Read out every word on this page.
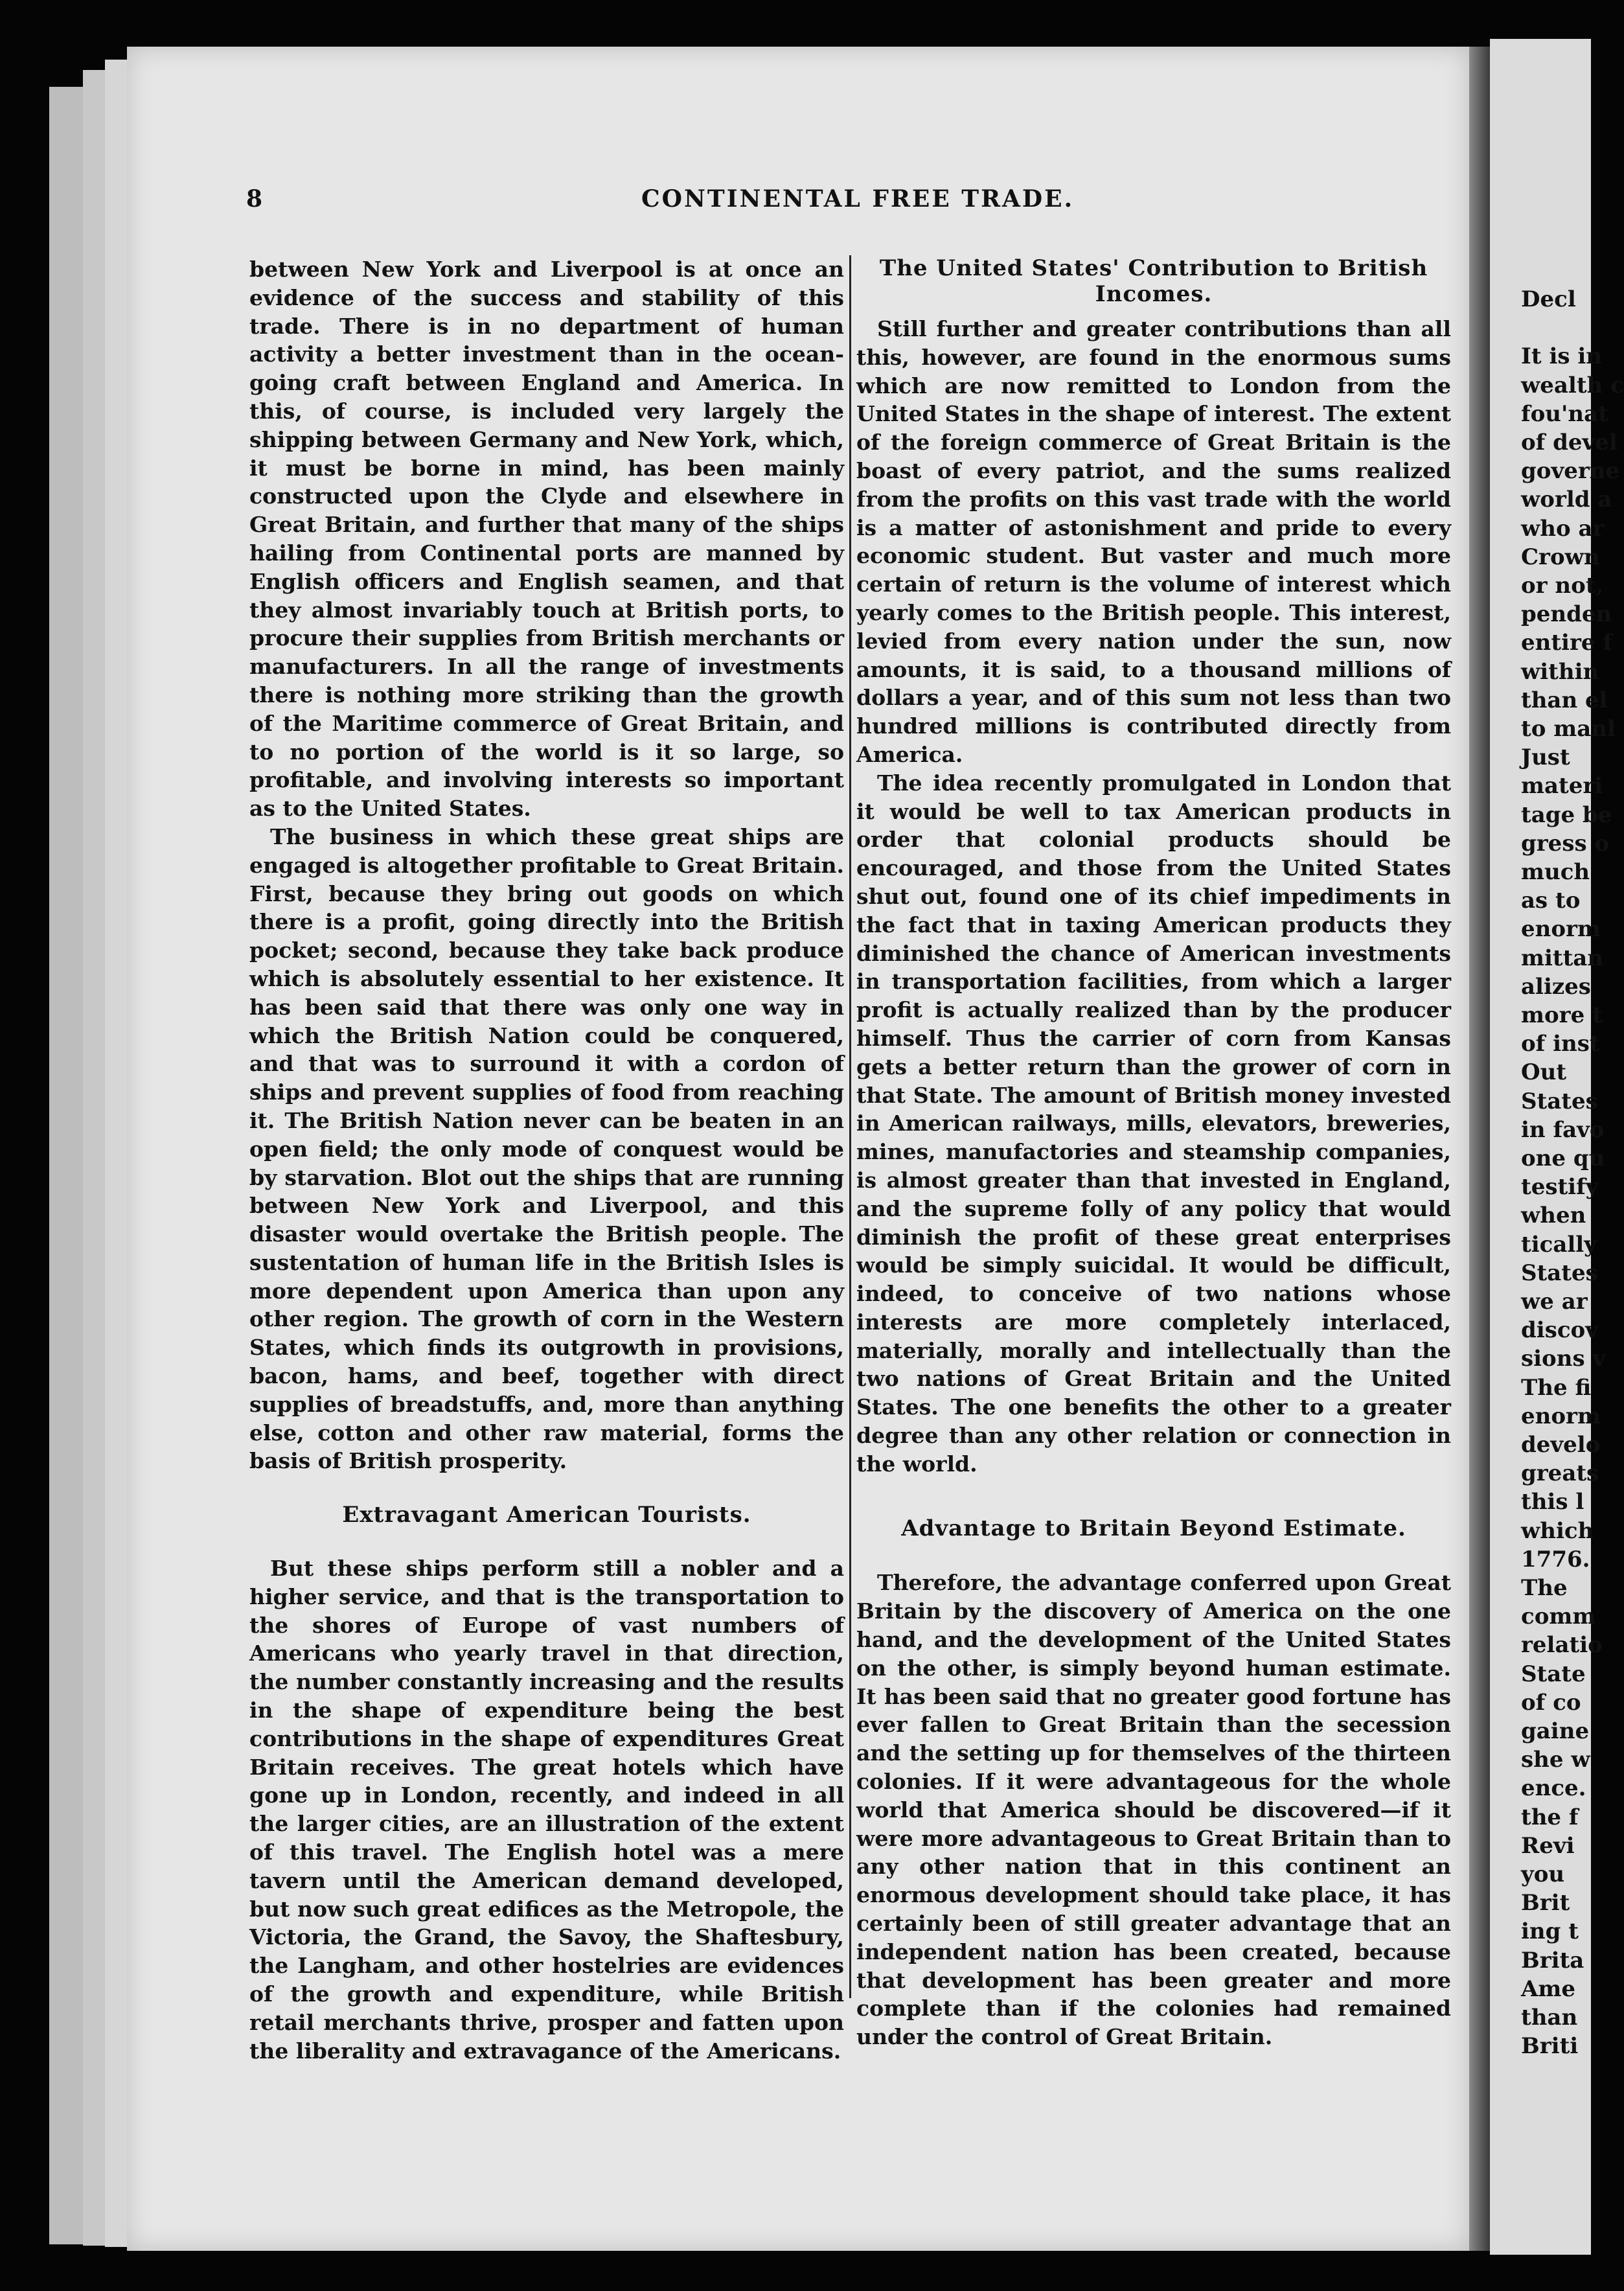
Decl
It is in
wealth c
fou'nat
of devel
governe
world a
who ar
Crown
or not,
penden
entire f
within
than el
to manl
Just
materi
tage be
gress o
much
as to
enorm
mittan
alizes
more t
of inst
Out
States
in favo
one qu
testify
when
tically
States
we ar
discov
sions v
The fi
enorm
develo
greats
this l
which
1776.
The
comm
relatio
State
of co
gaine
she w
ence.
the f
Revi
you
Brit
ing t
Brita
Ame
than
Briti
8	CONTINENTAL FREE TRADE.

between New York and Liverpool is at once an evidence of the success and stability of this trade. There is in no department of human activity a better investment than in the ocean-going craft between England and America. In this, of course, is included very largely the shipping between Germany and New York, which, it must be borne in mind, has been mainly constructed upon the Clyde and elsewhere in Great Britain, and further that many of the ships hailing from Continental ports are manned by English officers and English seamen, and that they almost invariably touch at British ports, to procure their supplies from British merchants or manufacturers. In all the range of investments there is nothing more striking than the growth of the Maritime commerce of Great Britain, and to no portion of the world is it so large, so profitable, and involving interests so important as to the United States.

The business in which these great ships are engaged is altogether profitable to Great Britain. First, because they bring out goods on which there is a profit, going directly into the British pocket; second, because they take back produce which is absolutely essential to her existence. It has been said that there was only one way in which the British Nation could be conquered, and that was to surround it with a cordon of ships and prevent supplies of food from reaching it. The British Nation never can be beaten in an open field; the only mode of conquest would be by starvation. Blot out the ships that are running between New York and Liverpool, and this disaster would overtake the British people. The sustentation of human life in the British Isles is more dependent upon America than upon any other region. The growth of corn in the Western States, which finds its outgrowth in provisions, bacon, hams, and beef, together with direct supplies of breadstuffs, and, more than anything else, cotton and other raw material, forms the basis of British prosperity.

Extravagant American Tourists.

But these ships perform still a nobler and a higher service, and that is the transportation to the shores of Europe of vast numbers of Americans who yearly travel in that direction, the number constantly increasing and the results in the shape of expenditure being the best contributions in the shape of expenditures Great Britain receives. The great hotels which have gone up in London, recently, and indeed in all the larger cities, are an illustration of the extent of this travel. The English hotel was a mere tavern until the American demand developed, but now such great edifices as the Metropole, the Victoria, the Grand, the Savoy, the Shaftesbury, the Langham, and other hostelries are evidences of the growth and expenditure, while British retail merchants thrive, prosper and fatten upon the liberality and extravagance of the Americans.

The United States' Contribution to British Incomes.

Still further and greater contributions than all this, however, are found in the enormous sums which are now remitted to London from the United States in the shape of interest. The extent of the foreign commerce of Great Britain is the boast of every patriot, and the sums realized from the profits on this vast trade with the world is a matter of astonishment and pride to every economic student. But vaster and much more certain of return is the volume of interest which yearly comes to the British people. This interest, levied from every nation under the sun, now amounts, it is said, to a thousand millions of dollars a year, and of this sum not less than two hundred millions is contributed directly from America.

The idea recently promulgated in London that it would be well to tax American products in order that colonial products should be encouraged, and those from the United States shut out, found one of its chief impediments in the fact that in taxing American products they diminished the chance of American investments in transportation facilities, from which a larger profit is actually realized than by the producer himself. Thus the carrier of corn from Kansas gets a better return than the grower of corn in that State. The amount of British money invested in American railways, mills, elevators, breweries, mines, manufactories and steamship companies, is almost greater than that invested in England, and the supreme folly of any policy that would diminish the profit of these great enterprises would be simply suicidal. It would be difficult, indeed, to conceive of two nations whose interests are more completely interlaced, materially, morally and intellectually than the two nations of Great Britain and the United States. The one benefits the other to a greater degree than any other relation or connection in the world.

Advantage to Britain Beyond Estimate.

Therefore, the advantage conferred upon Great Britain by the discovery of America on the one hand, and the development of the United States on the other, is simply beyond human estimate. It has been said that no greater good fortune has ever fallen to Great Britain than the secession and the setting up for themselves of the thirteen colonies. If it were advantageous for the whole world that America should be discovered—if it were more advantageous to Great Britain than to any other nation that in this continent an enormous development should take place, it has certainly been of still greater advantage that an independent nation has been created, because that development has been greater and more complete than if the colonies had remained under the control of Great Britain.
